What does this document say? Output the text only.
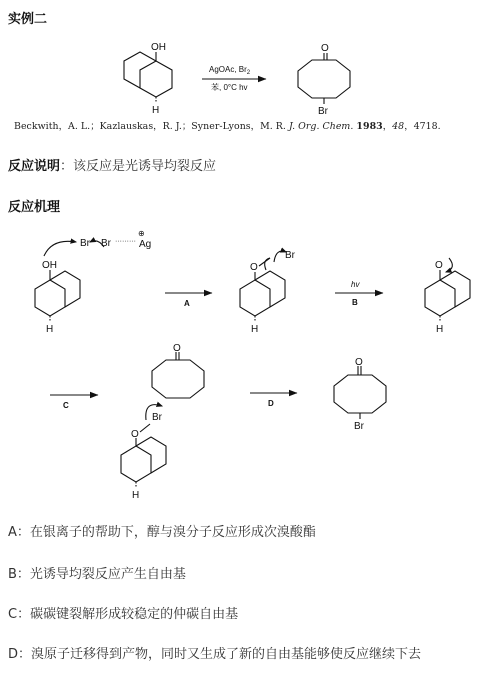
实例二
OH
H
O
Br
AgOAc, $Br_2$
苯, 0°C hv
Br Br ········· Ag
⊕
OH
H
A
O
Br
H
hv
B
O
H
C
O
Br
O
H
D
O
Br
Beckwith，A. L.；Kazlauskas，R. J.；Syner-Lyons，M. R. J. Org. Chem. 1983，48，4718.
反应说明：该反应是光诱导均裂反应
反应机理
A：在银离子的帮助下，醇与溴分子反应形成次溴酸酯
B：光诱导均裂反应产生自由基
C：碳碳键裂解形成较稳定的仲碳自由基
D：溴原子迁移得到产物，同时又生成了新的自由基能够使反应继续下去
